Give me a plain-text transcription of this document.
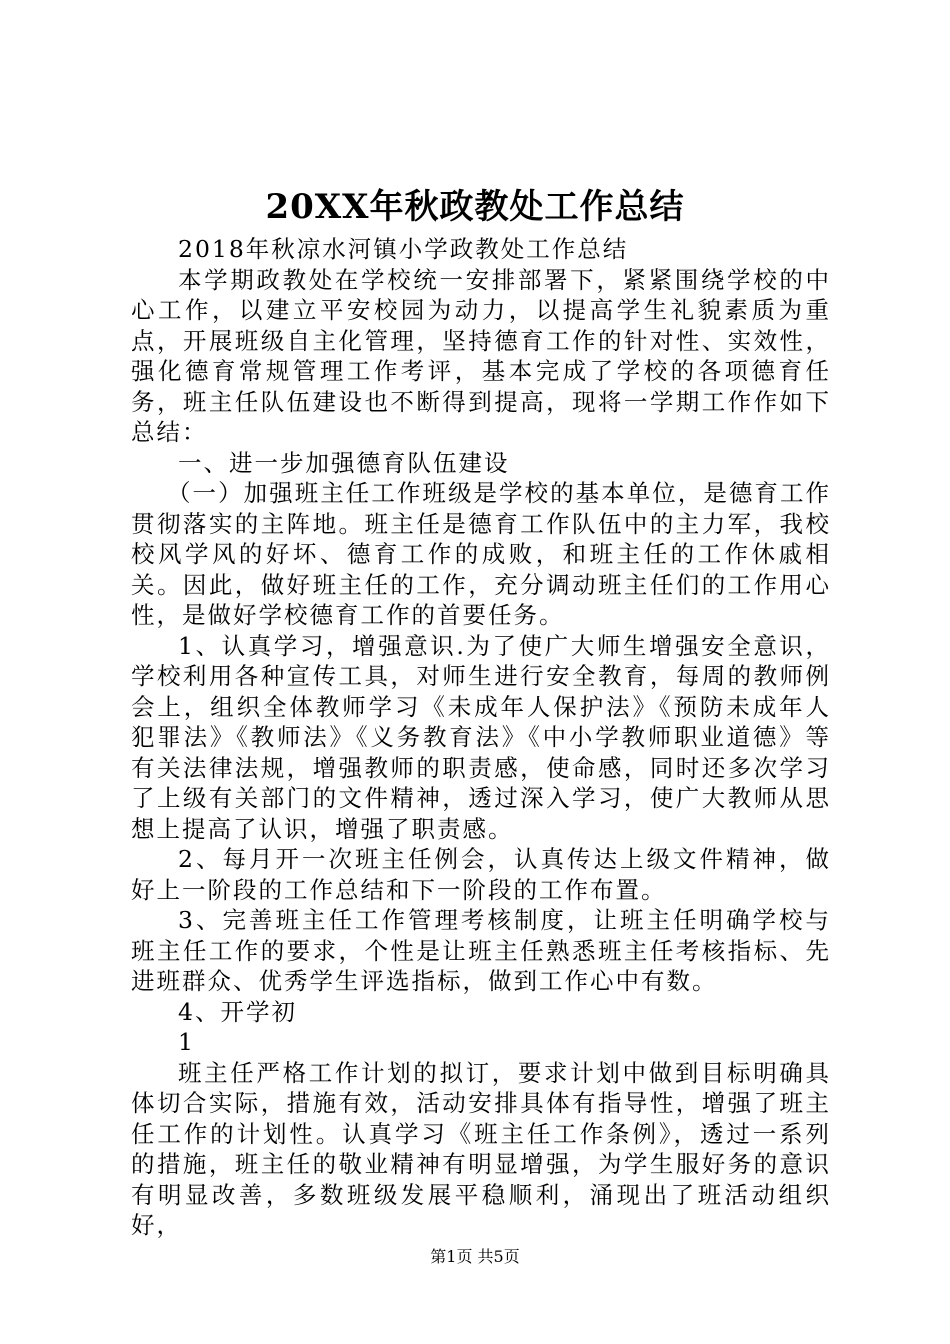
20XX年秋政教处工作总结

2018年秋凉水河镇小学政教处工作总结

本学期政教处在学校统一安排部署下，紧紧围绕学校的中心工作，以建立平安校园为动力，以提高学生礼貌素质为重点，开展班级自主化管理，坚持德育工作的针对性、实效性，强化德育常规管理工作考评，基本完成了学校的各项德育任务，班主任队伍建设也不断得到提高，现将一学期工作作如下总结：

一、进一步加强德育队伍建设

（一）加强班主任工作班级是学校的基本单位，是德育工作贯彻落实的主阵地。班主任是德育工作队伍中的主力军，我校校风学风的好坏、德育工作的成败，和班主任的工作休戚相关。因此，做好班主任的工作，充分调动班主任们的工作用心性，是做好学校德育工作的首要任务。

1、认真学习，增强意识.为了使广大师生增强安全意识，学校利用各种宣传工具，对师生进行安全教育，每周的教师例会上，组织全体教师学习《未成年人保护法》《预防未成年人犯罪法》《教师法》《义务教育法》《中小学教师职业道德》等有关法律法规，增强教师的职责感，使命感，同时还多次学习了上级有关部门的文件精神，透过深入学习，使广大教师从思想上提高了认识，增强了职责感。

2、每月开一次班主任例会，认真传达上级文件精神，做好上一阶段的工作总结和下一阶段的工作布置。

3、完善班主任工作管理考核制度，让班主任明确学校与班主任工作的要求，个性是让班主任熟悉班主任考核指标、先进班群众、优秀学生评选指标，做到工作心中有数。

4、开学初

1

班主任严格工作计划的拟订，要求计划中做到目标明确具体切合实际，措施有效，活动安排具体有指导性，增强了班主任工作的计划性。认真学习《班主任工作条例》，透过一系列的措施，班主任的敬业精神有明显增强，为学生服好务的意识有明显改善，多数班级发展平稳顺利，涌现出了班活动组织好，

第1页 共5页
